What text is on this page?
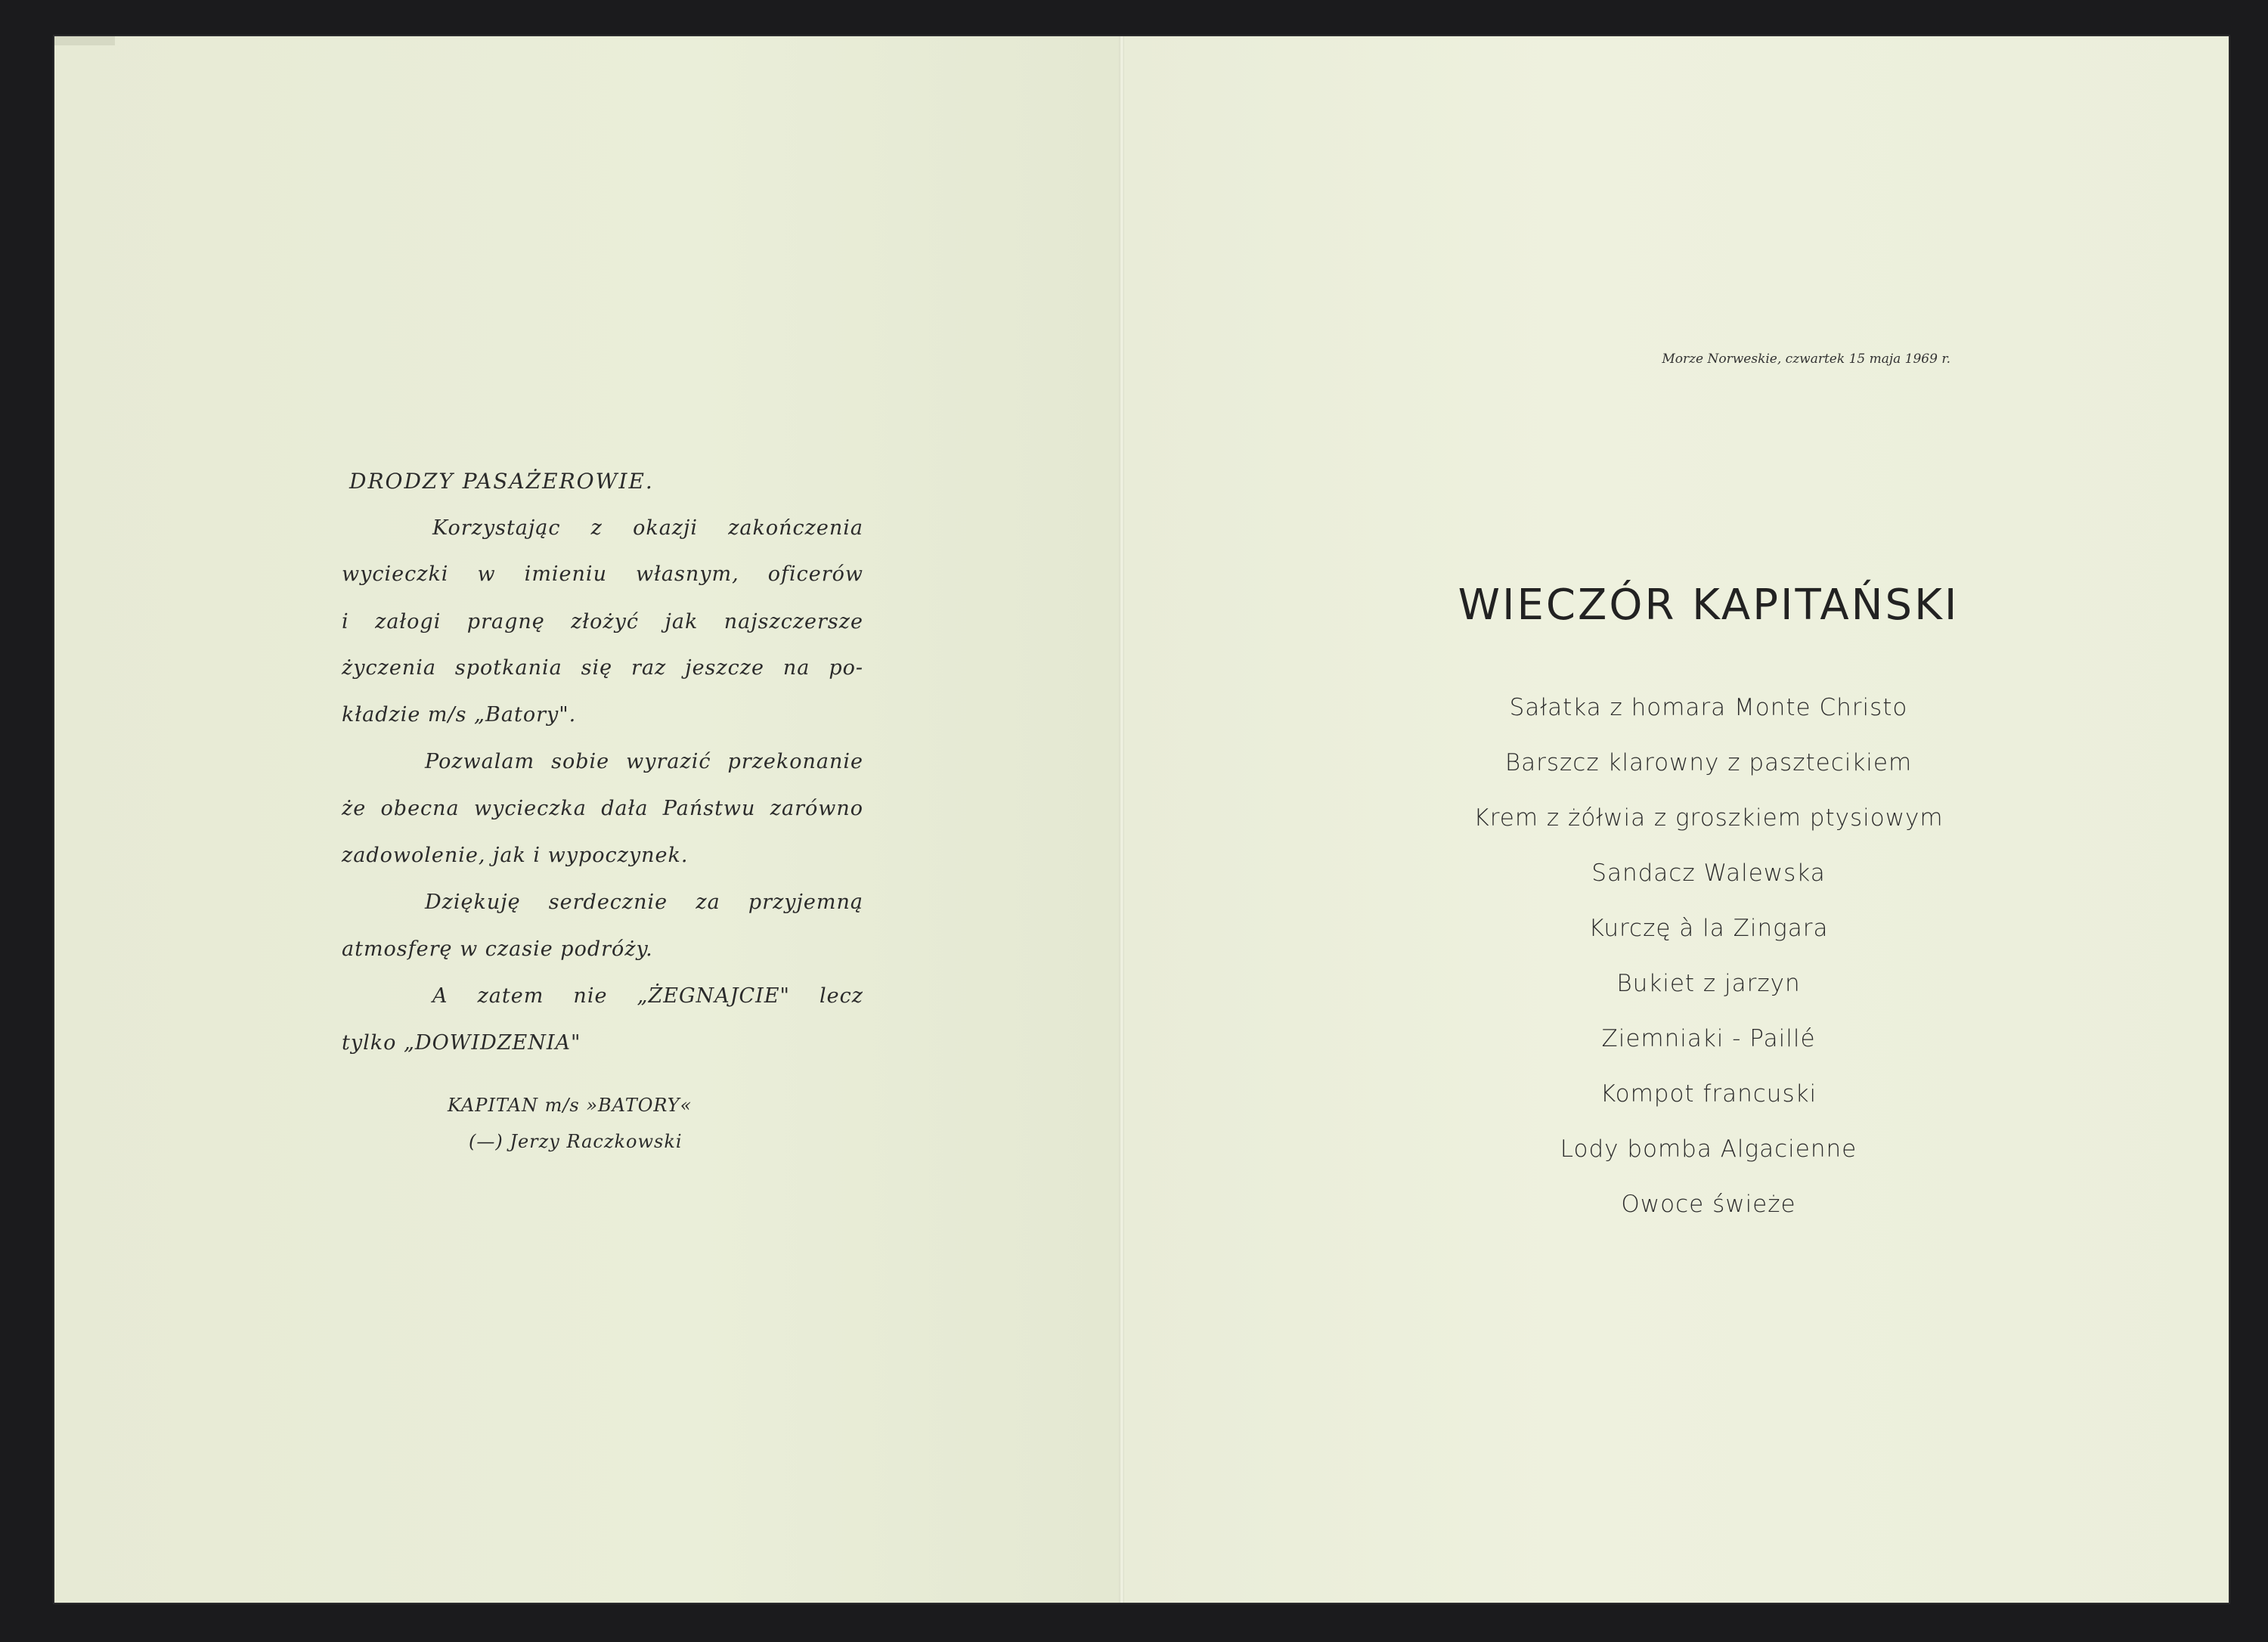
DRODZY PASAŻEROWIE.
Korzystając z okazji zakończenia
wycieczki w imieniu własnym, oficerów
i załogi pragnę złożyć jak najszczersze
życzenia spotkania się raz jeszcze na po-
kładzie m/s „Batory".
Pozwalam sobie wyrazić przekonanie
że obecna wycieczka dała Państwu zarówno
zadowolenie, jak i wypoczynek.
Dziękuję serdecznie za przyjemną
atmosferę w czasie podróży.
A zatem nie „ŻEGNAJCIE" lecz
tylko „DOWIDZENIA"
KAPITAN m/s »BATORY«
(—) Jerzy Raczkowski
Morze Norweskie, czwartek 15 maja 1969 r.
WIECZÓR KAPITAŃSKI
Sałatka z homara Monte Christo
Barszcz klarowny z pasztecikiem
Krem z żółwia z groszkiem ptysiowym
Sandacz Walewska
Kurczę à la Zingara
Bukiet z jarzyn
Ziemniaki - Paillé
Kompot francuski
Lody bomba Algacienne
Owoce świeże
